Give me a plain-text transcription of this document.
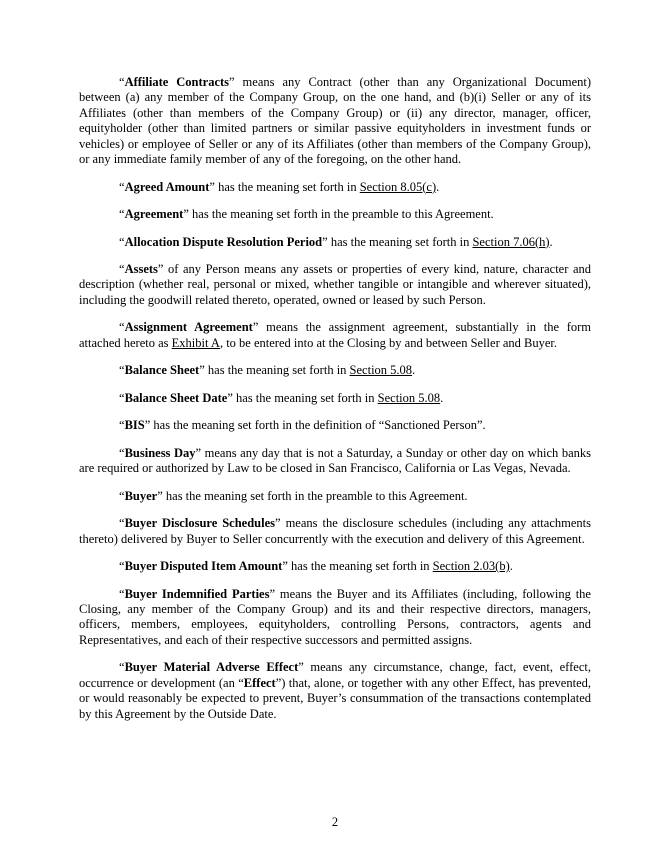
“Affiliate Contracts” means any Contract (other than any Organizational Document) between (a) any member of the Company Group, on the one hand, and (b)(i) Seller or any of its Affiliates (other than members of the Company Group) or (ii) any director, manager, officer, equityholder (other than limited partners or similar passive equityholders in investment funds or vehicles) or employee of Seller or any of its Affiliates (other than members of the Company Group), or any immediate family member of any of the foregoing, on the other hand.

“Agreed Amount” has the meaning set forth in Section 8.05(c).

“Agreement” has the meaning set forth in the preamble to this Agreement.

“Allocation Dispute Resolution Period” has the meaning set forth in Section 7.06(h).

“Assets” of any Person means any assets or properties of every kind, nature, character and description (whether real, personal or mixed, whether tangible or intangible and wherever situated), including the goodwill related thereto, operated, owned or leased by such Person.

“Assignment Agreement” means the assignment agreement, substantially in the form attached hereto as Exhibit A, to be entered into at the Closing by and between Seller and Buyer.

“Balance Sheet” has the meaning set forth in Section 5.08.

“Balance Sheet Date” has the meaning set forth in Section 5.08.

“BIS” has the meaning set forth in the definition of “Sanctioned Person”.

“Business Day” means any day that is not a Saturday, a Sunday or other day on which banks are required or authorized by Law to be closed in San Francisco, California or Las Vegas, Nevada.

“Buyer” has the meaning set forth in the preamble to this Agreement.

“Buyer Disclosure Schedules” means the disclosure schedules (including any attachments thereto) delivered by Buyer to Seller concurrently with the execution and delivery of this Agreement.

“Buyer Disputed Item Amount” has the meaning set forth in Section 2.03(b).

“Buyer Indemnified Parties” means the Buyer and its Affiliates (including, following the Closing, any member of the Company Group) and its and their respective directors, managers, officers, members, employees, equityholders, controlling Persons, contractors, agents and Representatives, and each of their respective successors and permitted assigns.

“Buyer Material Adverse Effect” means any circumstance, change, fact, event, effect, occurrence or development (an “Effect”) that, alone, or together with any other Effect, has prevented, or would reasonably be expected to prevent, Buyer’s consummation of the transactions contemplated by this Agreement by the Outside Date.

2
